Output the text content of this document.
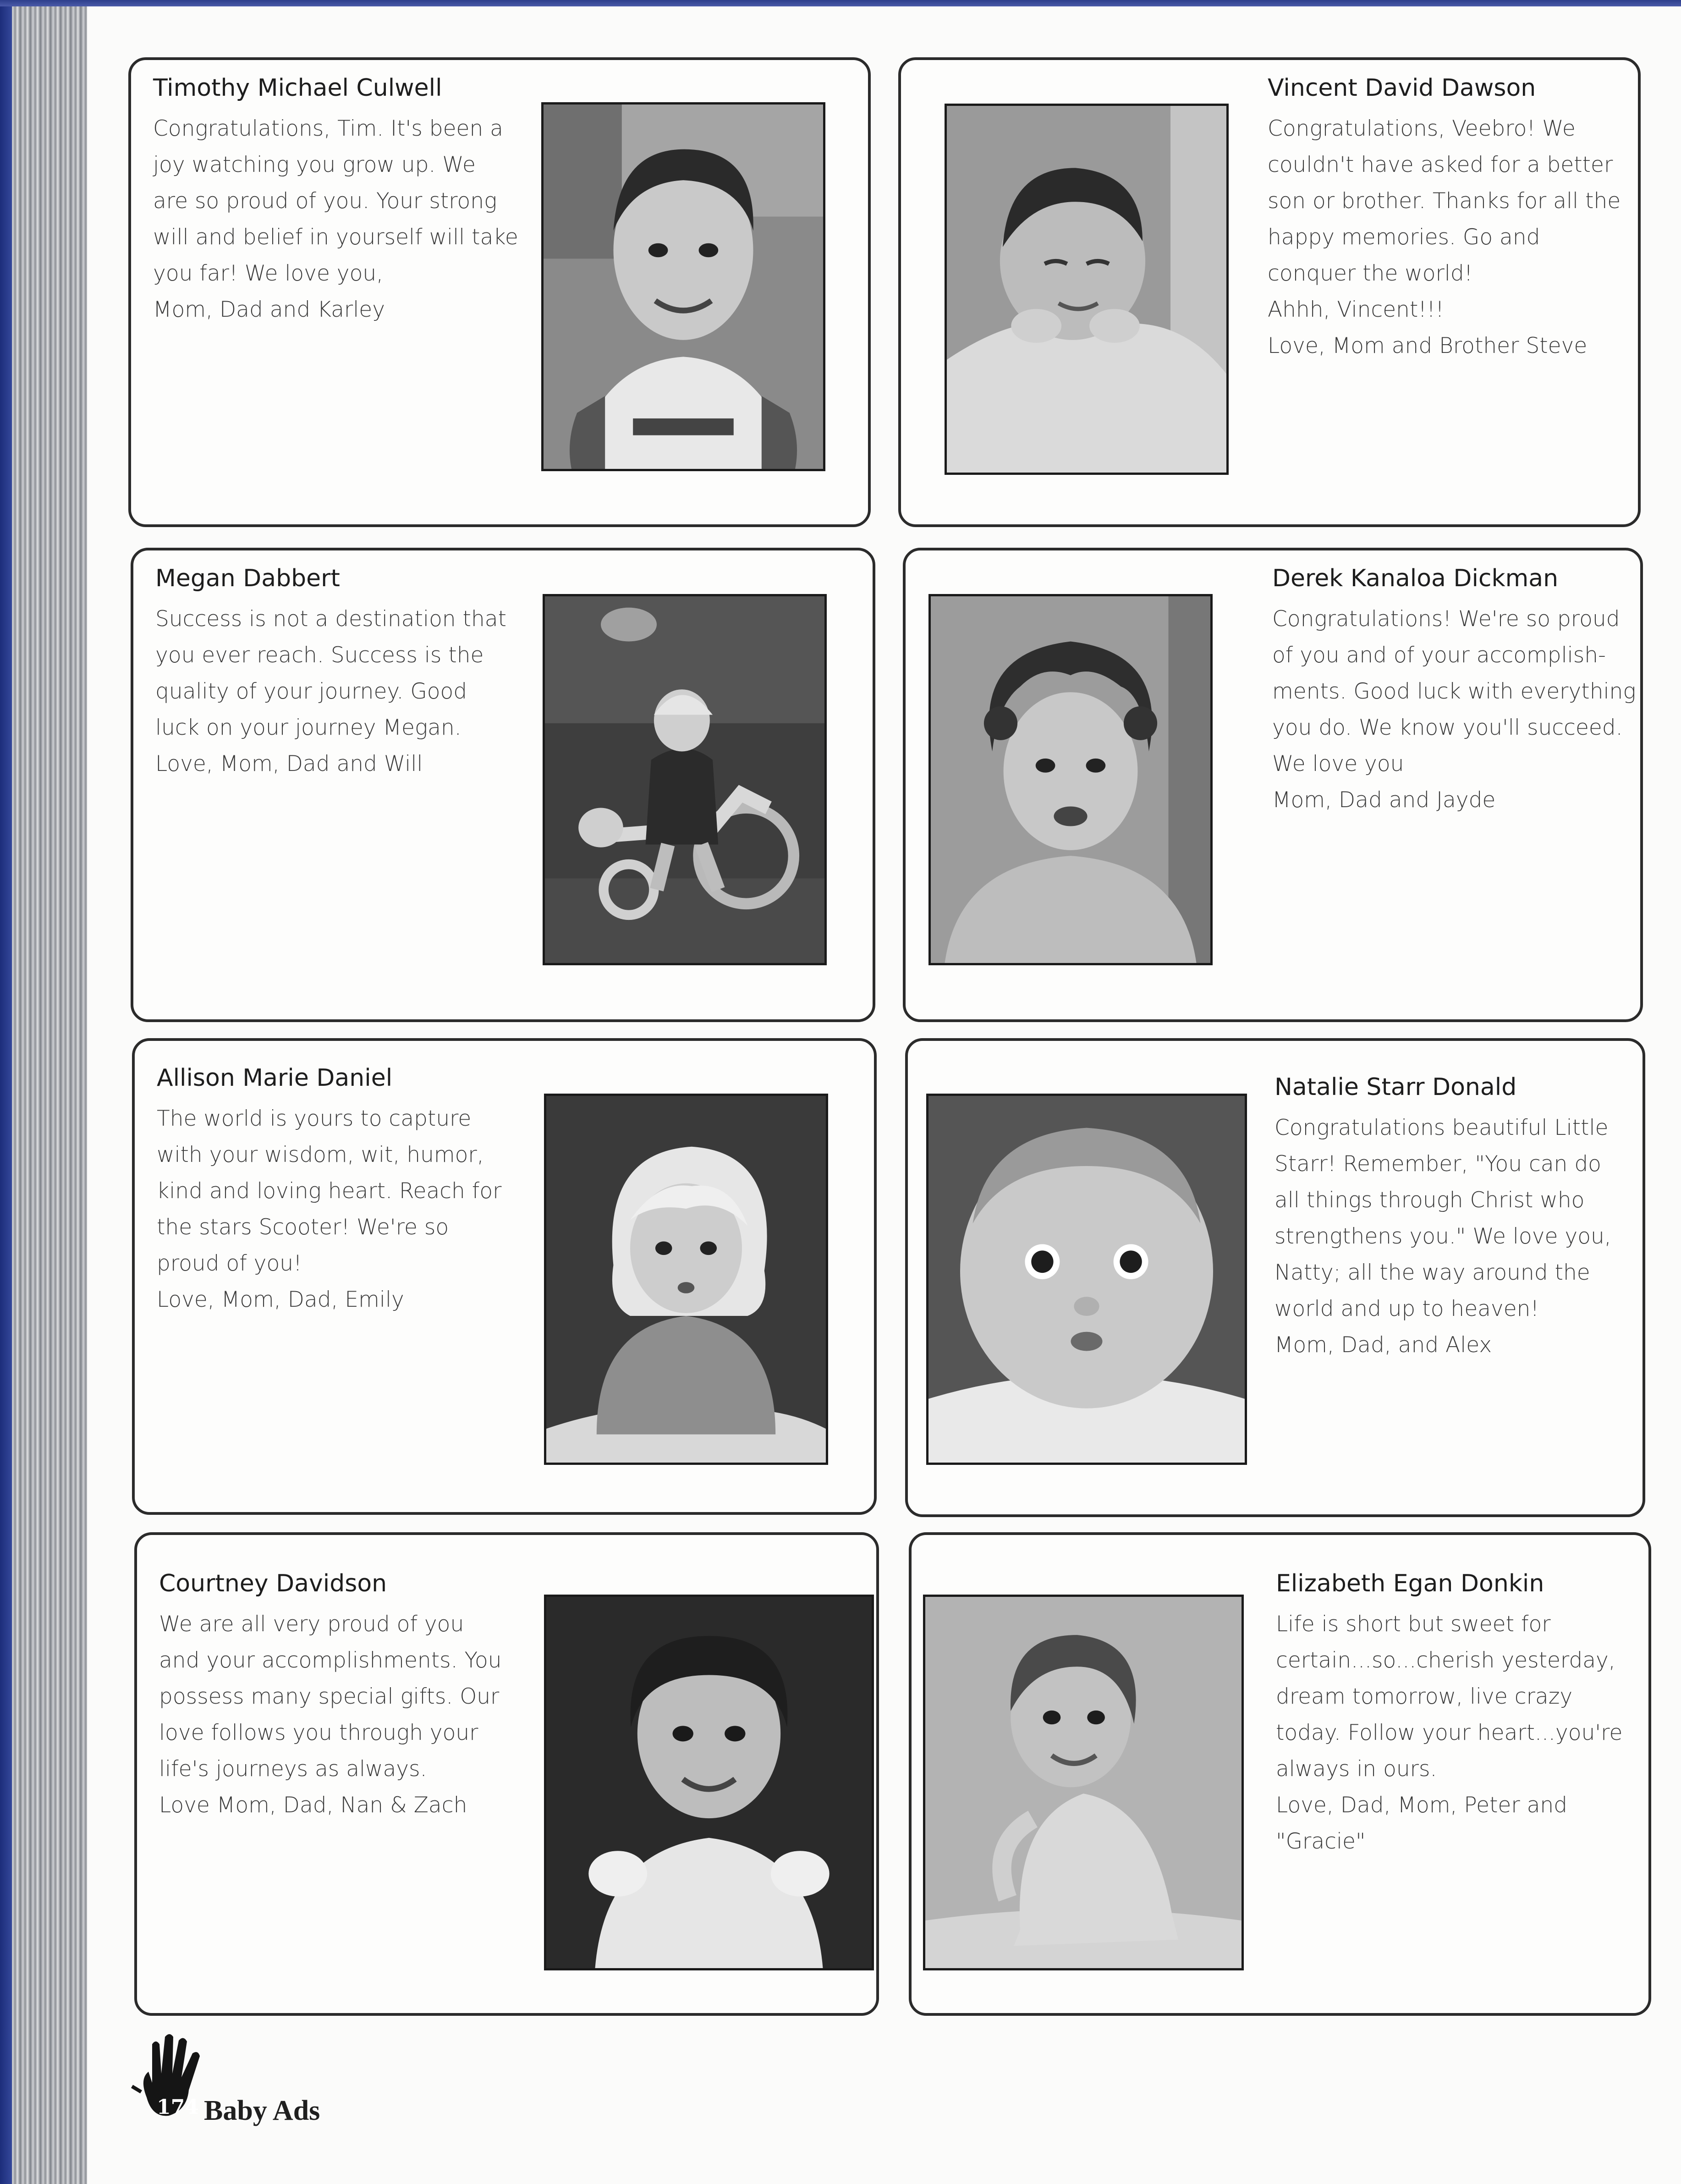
Timothy Michael Culwell
Congratulations, Tim. It's been a
joy watching you grow up. We
are so proud of you. Your strong
will and belief in yourself will take
you far! We love you,
Mom, Dad and Karley
Vincent David Dawson
Congratulations, Veebro! We
couldn't have asked for a better
son or brother. Thanks for all the
happy memories. Go and
conquer the world!
Ahhh, Vincent!!!
Love, Mom and Brother Steve
Megan Dabbert
Success is not a destination that
you ever reach. Success is the
quality of your journey. Good
luck on your journey Megan.
Love, Mom, Dad and Will
Derek Kanaloa Dickman
Congratulations! We're so proud
of you and of your accomplish-
ments. Good luck with everything
you do. We know you'll succeed.
We love you
Mom, Dad and Jayde
Allison Marie Daniel
The world is yours to capture
with your wisdom, wit, humor,
kind and loving heart. Reach for
the stars Scooter! We're so
proud of you!
Love, Mom, Dad, Emily
Natalie Starr Donald
Congratulations beautiful Little
Starr! Remember, "You can do
all things through Christ who
strengthens you." We love you,
Natty; all the way around the
world and up to heaven!
Mom, Dad, and Alex
Courtney Davidson
We are all very proud of you
and your accomplishments. You
possess many special gifts. Our
love follows you through your
life's journeys as always.
Love Mom, Dad, Nan & Zach
Elizabeth Egan Donkin
Life is short but sweet for
certain...so...cherish yesterday,
dream tomorrow, live crazy
today. Follow your heart...you're
always in ours.
Love, Dad, Mom, Peter and
"Gracie"
174 Baby Ads
